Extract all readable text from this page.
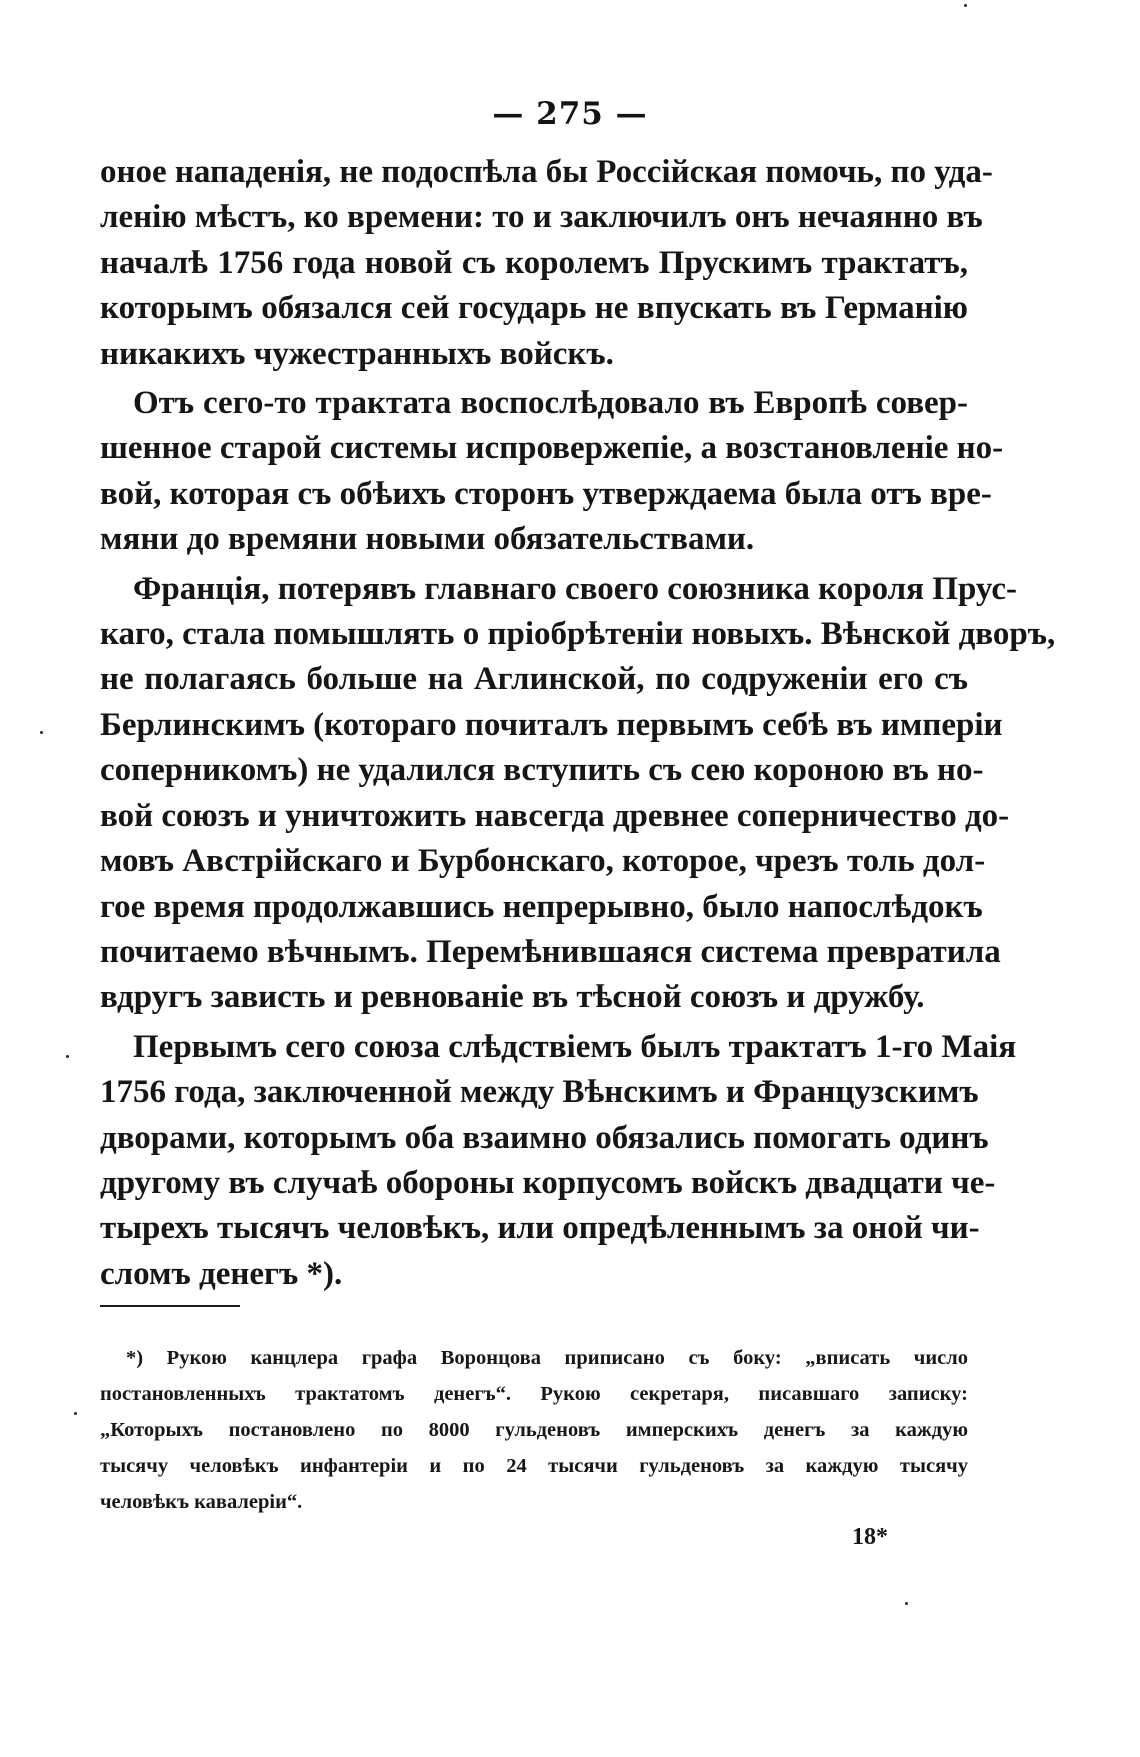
— 275 —

оное нападенія, не подоспѣла бы Россійская помочь, по уда-
ленію мѣстъ, ко времени: то и заключилъ онъ нечаянно въ
началѣ 1756 года новой съ королемъ Прускимъ трактатъ,
которымъ обязался сей государь не впускать въ Германію
никакихъ чужестранныхъ войскъ.

Отъ сего-то трактата воспослѣдовало въ Европѣ совер-
шенное старой системы испровержепіе, а возстановленіе но-
вой, которая съ обѣихъ сторонъ утверждаема была отъ вре-
мяни до времяни новыми обязательствами.

Франція, потерявъ главнаго своего союзника короля Прус-
каго, стала помышлять о пріобрѣтеніи новыхъ. Вѣнской дворъ,
не полагаясь больше на Аглинской, по содруженіи его съ
Берлинскимъ (котораго почиталъ первымъ себѣ въ имперіи
соперникомъ) не удалился вступить съ сею короною въ но-
вой союзъ и уничтожить навсегда древнее соперничество до-
мовъ Австрійскаго и Бурбонскаго, которое, чрезъ толь дол-
гое время продолжавшись непрерывно, было напослѣдокъ
почитаемо вѣчнымъ. Перемѣнившаяся система превратила
вдругъ зависть и ревнованіе въ тѣсной союзъ и дружбу.

Первымъ сего союза слѣдствіемъ былъ трактатъ 1-го Маія
1756 года, заключенной между Вѣнскимъ и Французскимъ
дворами, которымъ оба взаимно обязались помогать одинъ
другому въ случаѣ обороны корпусомъ войскъ двадцати че-
тырехъ тысячъ человѣкъ, или опредѣленнымъ за оной чи-
сломъ денегъ *).

*) Рукою канцлера графа Воронцова приписано съ боку: „вписать число
постановленныхъ трактатомъ денегъ“. Рукою секретаря, писавшаго записку:
„Которыхъ постановлено по 8000 гульденовъ имперскихъ денегъ за каждую
тысячу человѣкъ инфантеріи и по 24 тысячи гульденовъ за каждую тысячу
человѣкъ кавалеріи“.

18*
